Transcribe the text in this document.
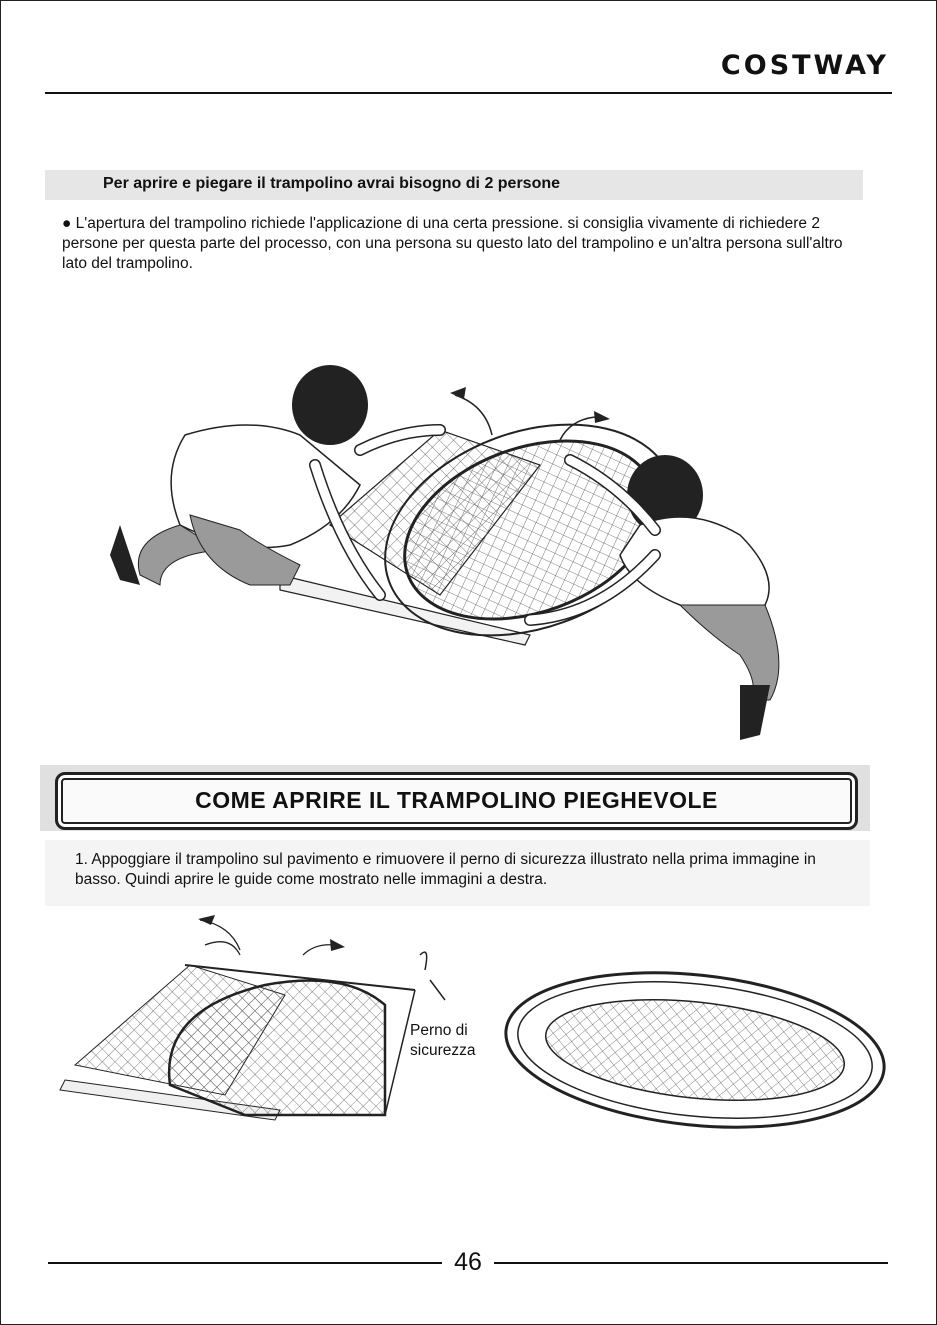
COSTWAY
Per aprire e piegare il trampolino avrai bisogno di 2 persone
● L'apertura del trampolino richiede l'applicazione di una certa pressione. si consiglia vivamente di richiedere 2 persone per questa parte del processo, con una persona su questo lato del trampolino e un'altra persona sull'altro lato del trampolino.
COME APRIRE IL TRAMPOLINO PIEGHEVOLE
1. Appoggiare il trampolino sul pavimento e rimuovere il perno di sicurezza illustrato nella prima immagine in basso. Quindi aprire le guide come mostrato nelle immagini a destra.
Perno di
sicurezza
46
